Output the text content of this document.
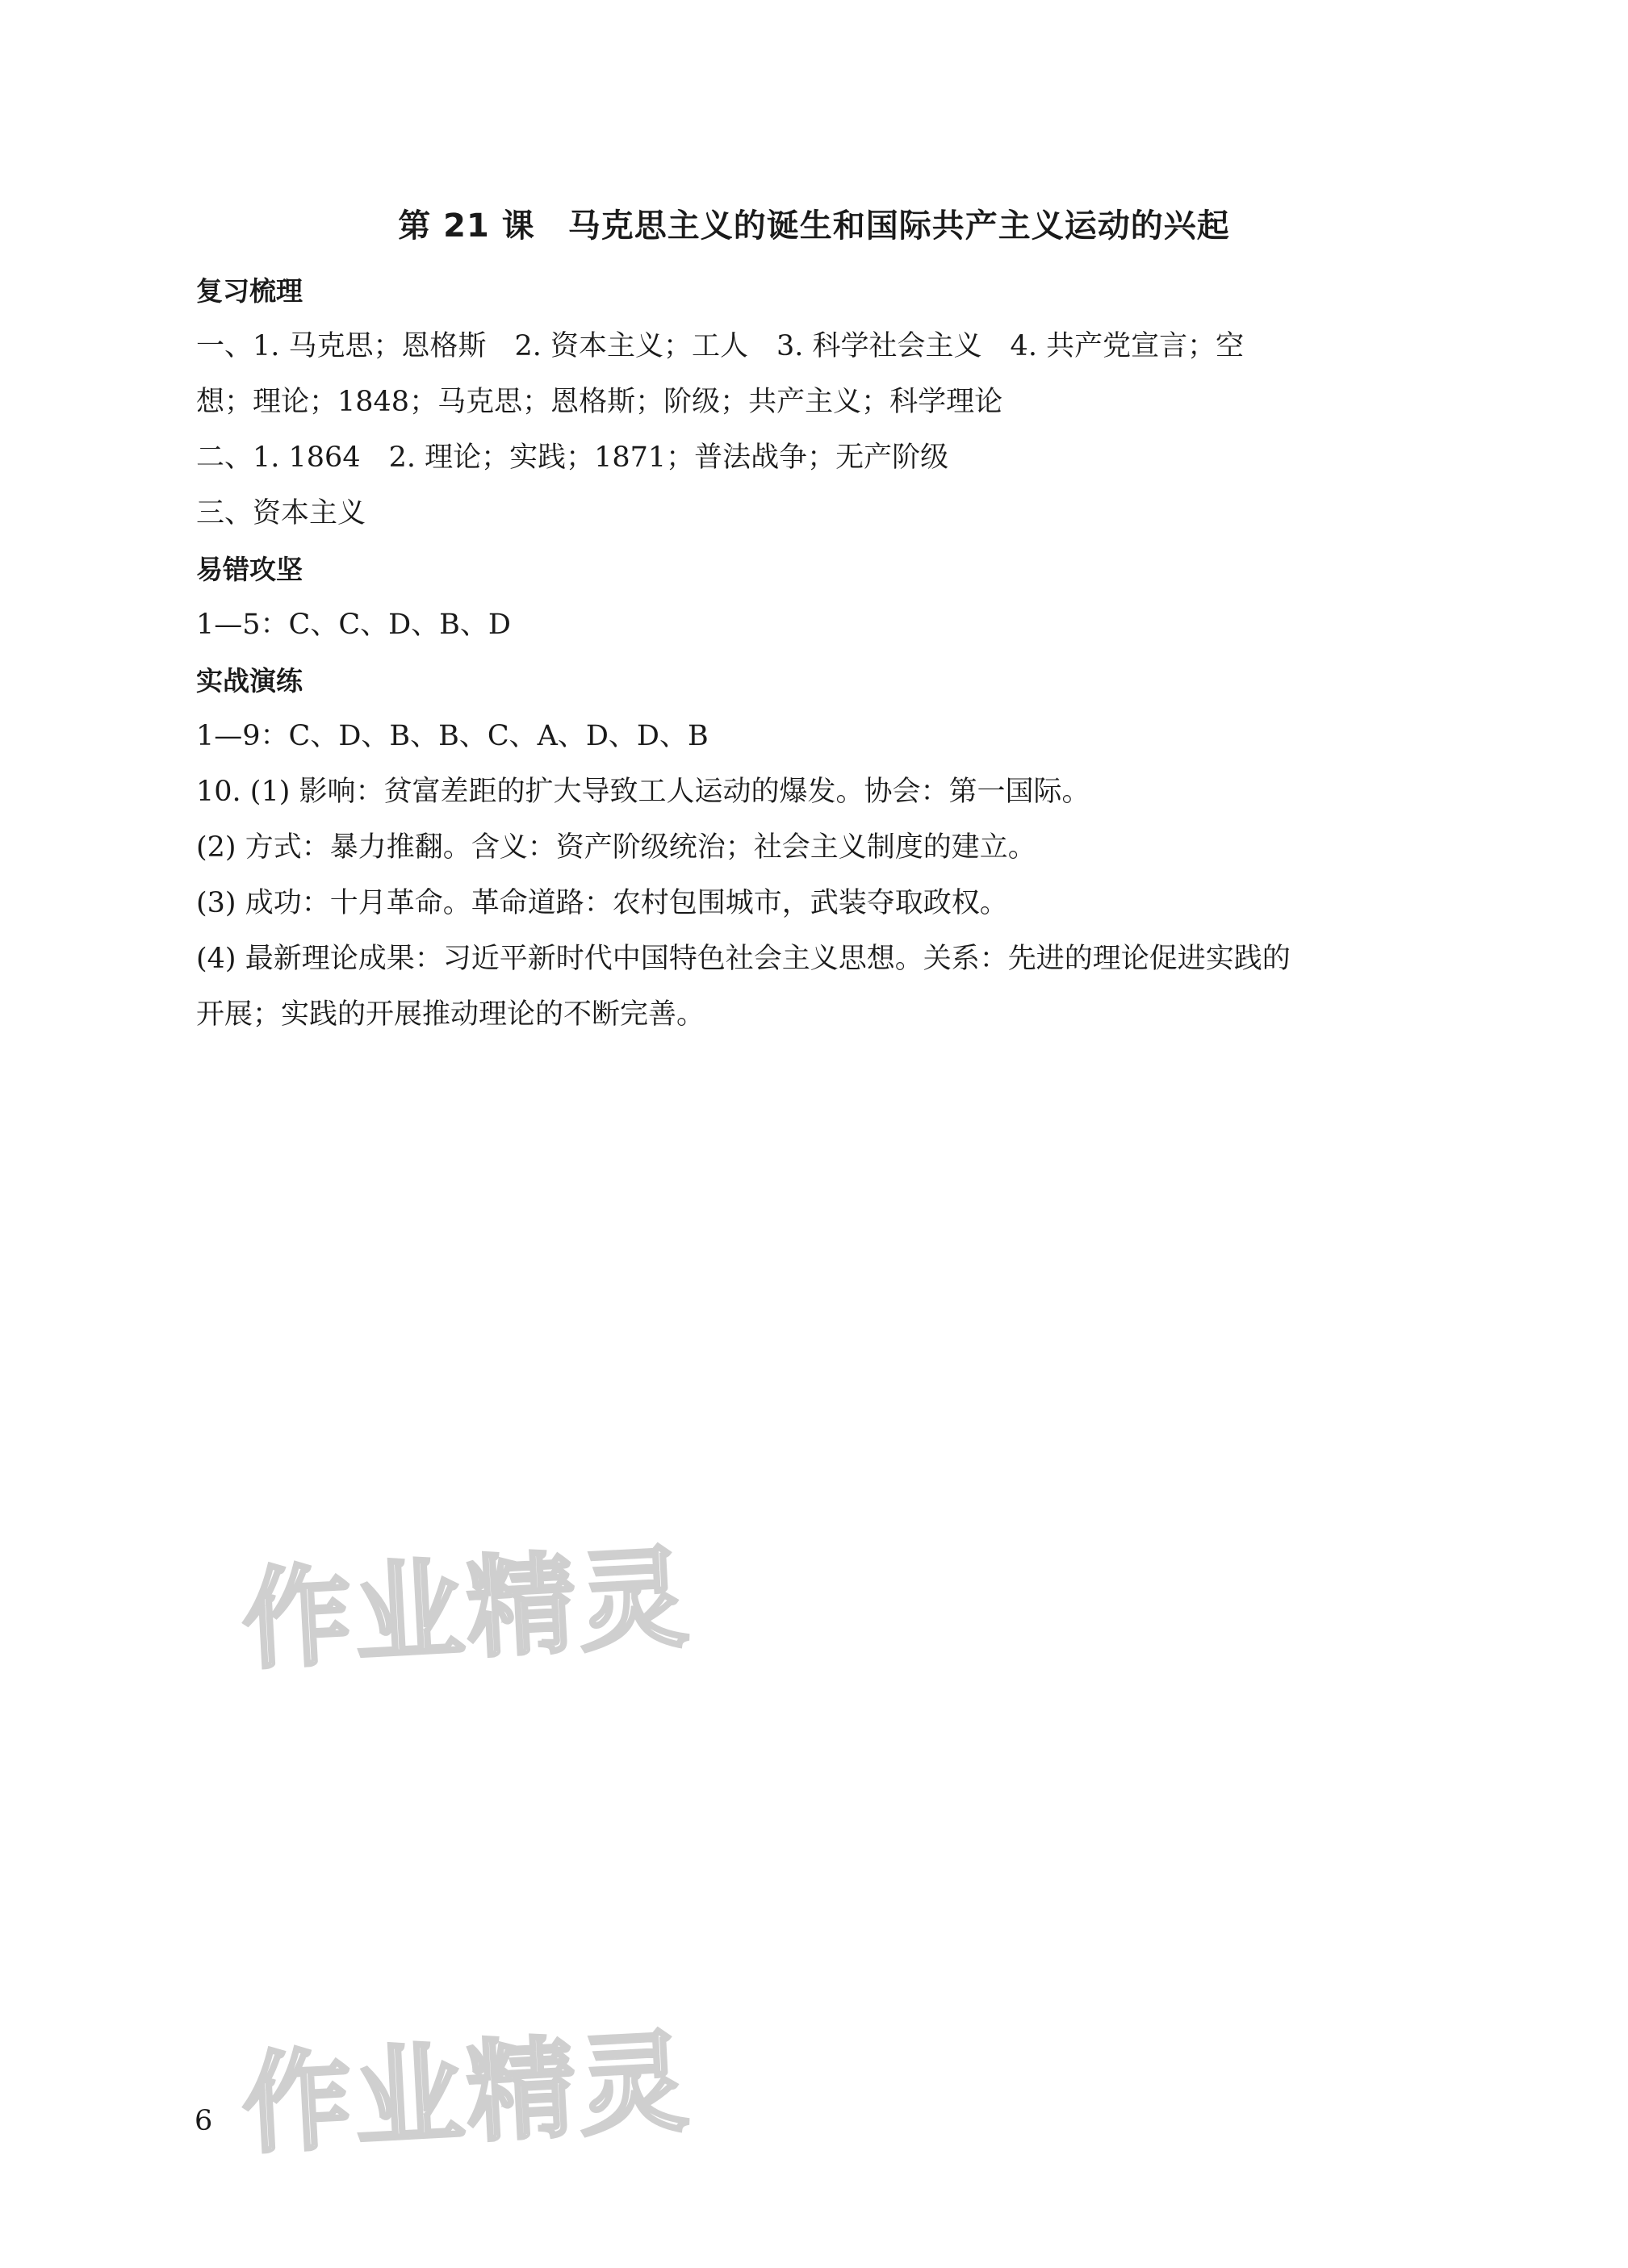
第 21 课　马克思主义的诞生和国际共产主义运动的兴起
复习梳理
一、1. 马克思；恩格斯　2. 资本主义；工人　3. 科学社会主义　4. 共产党宣言；空
想；理论；1848；马克思；恩格斯；阶级；共产主义；科学理论
二、1. 1864　2. 理论；实践；1871；普法战争；无产阶级
三、资本主义
易错攻坚
1—5：C、C、D、B、D
实战演练
1—9：C、D、B、B、C、A、D、D、B
10. (1) 影响：贫富差距的扩大导致工人运动的爆发。协会：第一国际。
(2) 方式：暴力推翻。含义：资产阶级统治；社会主义制度的建立。
(3) 成功：十月革命。革命道路：农村包围城市，武装夺取政权。
(4) 最新理论成果：习近平新时代中国特色社会主义思想。关系：先进的理论促进实践的
开展；实践的开展推动理论的不断完善。
作业精灵
作业精灵
6
